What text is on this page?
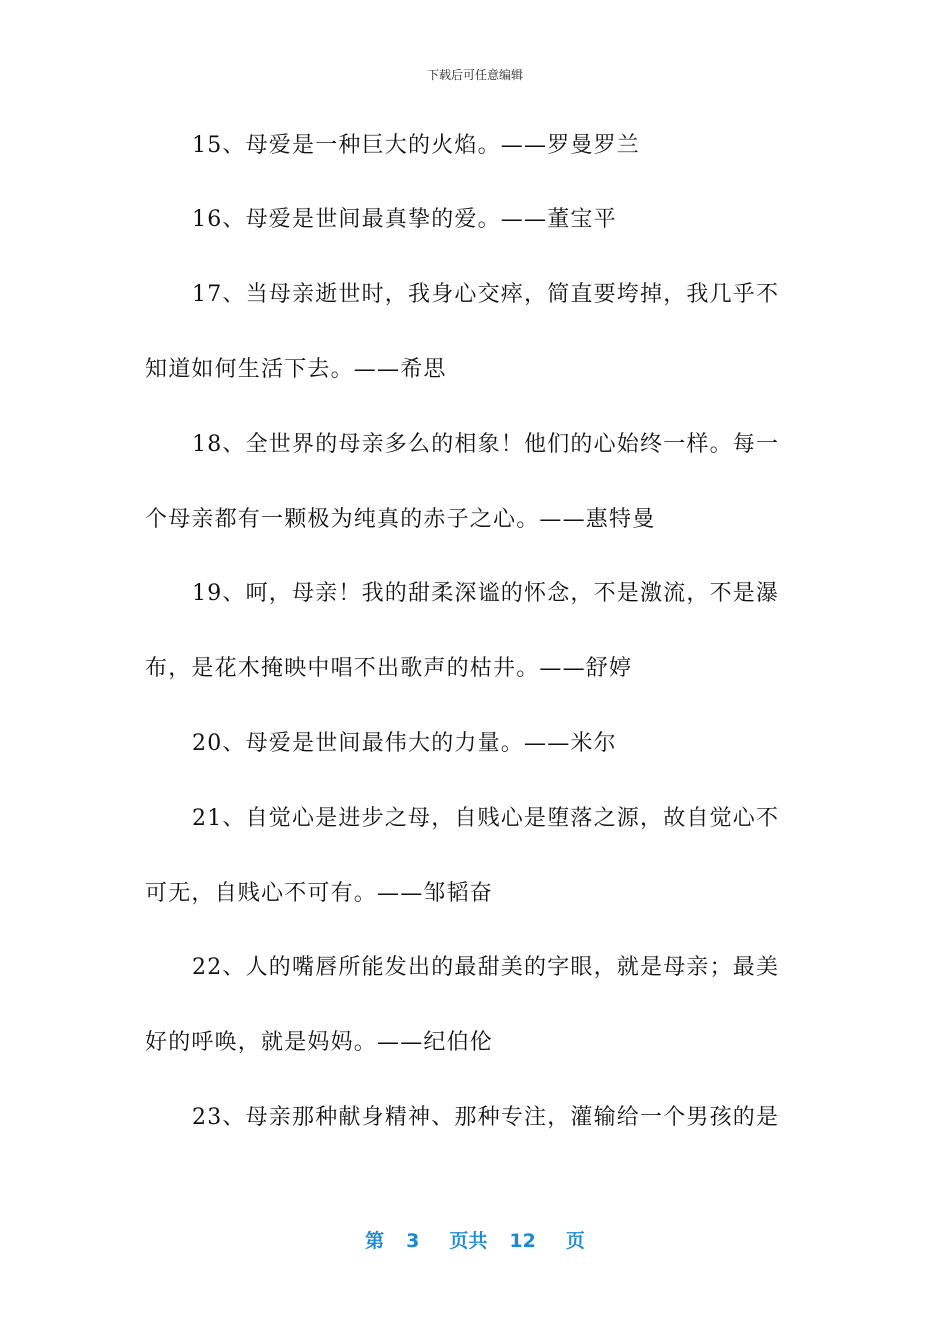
下载后可任意编辑
15、母爱是一种巨大的火焰。——罗曼罗兰
16、母爱是世间最真挚的爱。——董宝平
17、当母亲逝世时，我身心交瘁，简直要垮掉，我几乎不
知道如何生活下去。——希思
18、全世界的母亲多么的相象！他们的心始终一样。每一
个母亲都有一颗极为纯真的赤子之心。——惠特曼
19、呵，母亲！我的甜柔深谧的怀念，不是激流，不是瀑
布，是花木掩映中唱不出歌声的枯井。——舒婷
20、母爱是世间最伟大的力量。——米尔
21、自觉心是进步之母，自贱心是堕落之源，故自觉心不
可无，自贱心不可有。——邹韬奋
22、人的嘴唇所能发出的最甜美的字眼，就是母亲；最美
好的呼唤，就是妈妈。——纪伯伦
23、母亲那种献身精神、那种专注，灌输给一个男孩的是
第 3 页共 12 页
